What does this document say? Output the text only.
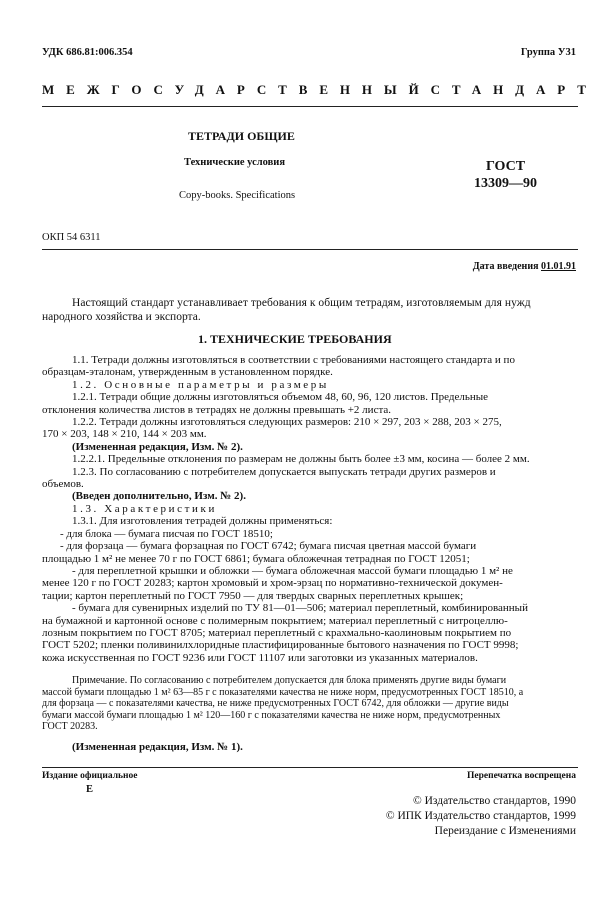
УДК 686.81:006.354	Группа У31
МЕЖГОСУДАРСТВЕННЫЙ СТАНДАРТ
ТЕТРАДИ ОБЩИЕ
Технические условия
Copy-books. Specifications
ГОСТ
13309—90
ОКП 54 6311
Дата введения 01.01.91
Настоящий стандарт устанавливает требования к общим тетрадям, изготовляемым для нужд
народного хозяйства и экспорта.
1. ТЕХНИЧЕСКИЕ ТРЕБОВАНИЯ
1.1. Тетради должны изготовляться в соответствии с требованиями настоящего стандарта и по
образцам-эталонам, утвержденным в установленном порядке.
1.2. Основные параметры и размеры
1.2.1. Тетради общие должны изготовляться объемом 48, 60, 96, 120 листов. Предельные
отклонения количества листов в тетрадях не должны превышать +2 листа.
1.2.2. Тетради должны изготовляться следующих размеров: 210 × 297, 203 × 288, 203 × 275,
170 × 203, 148 × 210, 144 × 203 мм.
(Измененная редакция, Изм. № 2).
1.2.2.1. Предельные отклонения по размерам не должны быть более ±3 мм, косина — более 2 мм.
1.2.3. По согласованию с потребителем допускается выпускать тетради других размеров и
объемов.
(Введен дополнительно, Изм. № 2).
1.3. Характеристики
1.3.1. Для изготовления тетрадей должны применяться:
- для блока — бумага писчая по ГОСТ 18510;
- для форзаца — бумага форзацная по ГОСТ 6742; бумага писчая цветная массой бумаги
площадью 1 м² не менее 70 г по ГОСТ 6861; бумага обложечная тетрадная по ГОСТ 12051;
- для переплетной крышки и обложки — бумага обложечная массой бумаги площадью 1 м² не
менее 120 г по ГОСТ 20283; картон хромовый и хром-эрзац по нормативно-технической докумен-
тации; картон переплетный по ГОСТ 7950 — для твердых сварных переплетных крышек;
- бумага для сувенирных изделий по ТУ 81—01—506; материал переплетный, комбинированный
на бумажной и картонной основе с полимерным покрытием; материал переплетный с нитроцеллю-
лозным покрытием по ГОСТ 8705; материал переплетный с крахмально-каолиновым покрытием по
ГОСТ 5202; пленки поливинилхлоридные пластифицированные бытового назначения по ГОСТ 9998;
кожа искусственная по ГОСТ 9236 или ГОСТ 11107 или заготовки из указанных материалов.
Примечание. По согласованию с потребителем допускается для блока применять другие виды бумаги
массой бумаги площадью 1 м² 63—85 г с показателями качества не ниже норм, предусмотренных ГОСТ 18510, а
для форзаца — с показателями качества, не ниже предусмотренных ГОСТ 6742, для обложки — другие виды
бумаги массой бумаги площадью 1 м² 120—160 г с показателями качества не ниже норм, предусмотренных
ГОСТ 20283.
(Измененная редакция, Изм. № 1).
Издание официальное
Е
Перепечатка воспрещена
© Издательство стандартов, 1990
© ИПК Издательство стандартов, 1999
Переиздание с Изменениями
